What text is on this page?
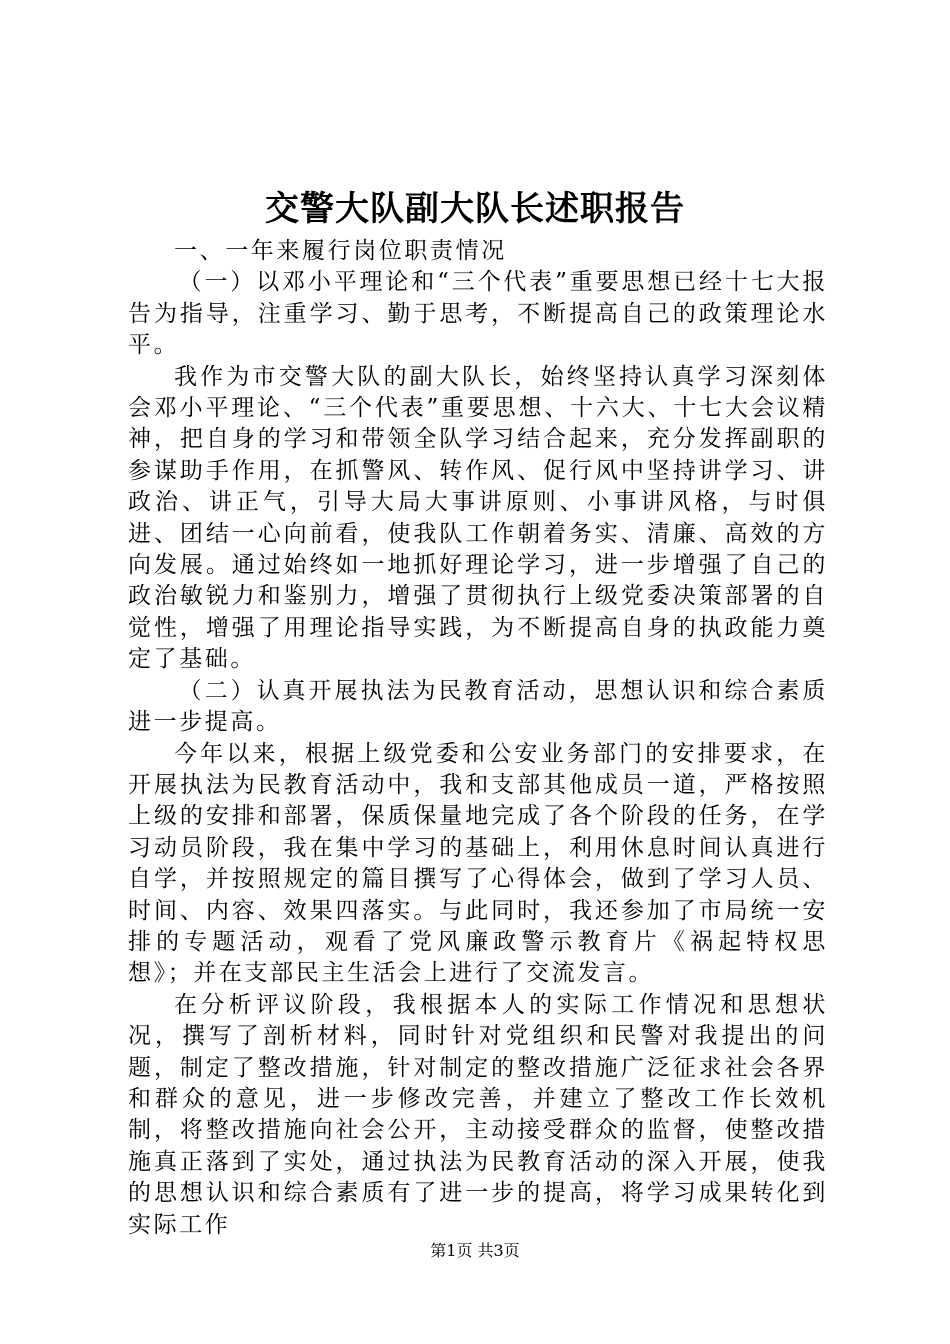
交警大队副大队长述职报告

一、一年来履行岗位职责情况

（一）以邓小平理论和“三个代表”重要思想已经十七大报告为指导，注重学习、勤于思考，不断提高自己的政策理论水平。

我作为市交警大队的副大队长，始终坚持认真学习深刻体会邓小平理论、“三个代表”重要思想、十六大、十七大会议精神，把自身的学习和带领全队学习结合起来，充分发挥副职的参谋助手作用，在抓警风、转作风、促行风中坚持讲学习、讲政治、讲正气，引导大局大事讲原则、小事讲风格，与时俱进、团结一心向前看，使我队工作朝着务实、清廉、高效的方向发展。通过始终如一地抓好理论学习，进一步增强了自己的政治敏锐力和鉴别力，增强了贯彻执行上级党委决策部署的自觉性，增强了用理论指导实践，为不断提高自身的执政能力奠定了基础。

（二）认真开展执法为民教育活动，思想认识和综合素质进一步提高。

今年以来，根据上级党委和公安业务部门的安排要求，在开展执法为民教育活动中，我和支部其他成员一道，严格按照上级的安排和部署，保质保量地完成了各个阶段的任务，在学习动员阶段，我在集中学习的基础上，利用休息时间认真进行自学，并按照规定的篇目撰写了心得体会，做到了学习人员、时间、内容、效果四落实。与此同时，我还参加了市局统一安排的专题活动，观看了党风廉政警示教育片《祸起特权思想》；并在支部民主生活会上进行了交流发言。

在分析评议阶段，我根据本人的实际工作情况和思想状况，撰写了剖析材料，同时针对党组织和民警对我提出的问题，制定了整改措施，针对制定的整改措施广泛征求社会各界和群众的意见，进一步修改完善，并建立了整改工作长效机制，将整改措施向社会公开，主动接受群众的监督，使整改措施真正落到了实处，通过执法为民教育活动的深入开展，使我的思想认识和综合素质有了进一步的提高，将学习成果转化到实际工作

第1页 共3页
